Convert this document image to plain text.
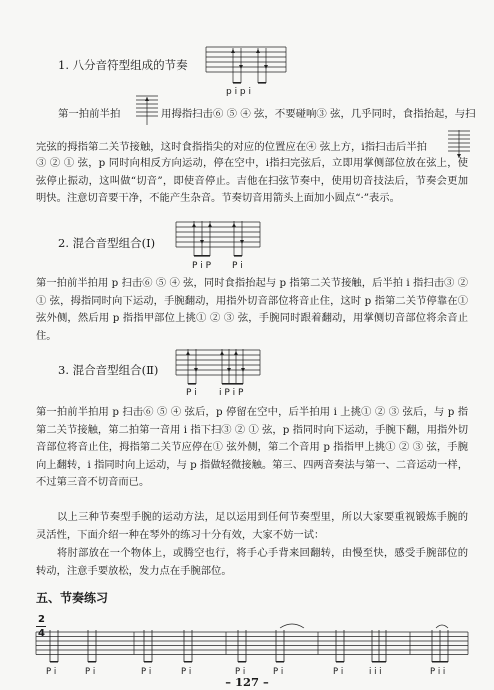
1. 八分音符型组成的节奏
p i p i
第一拍前半拍	用拇指扫击⑥ ⑤ ④ 弦，不要碰响③ 弦，几乎同时，食指抬起，与扫
完弦的拇指第二关节接触，这时食指指尖的对应的位置应在④ 弦上方，i指扫击后半拍
③ ② ① 弦，p 同时向相反方向运动，停在空中，i指扫完弦后，立即用掌侧部位放在弦上，使弦停止振动，这叫做“切音”，即使音停止。吉他在扫弦节奏中，使用切音技法后，节奏会更加明快。注意切音要干净，不能产生杂音。节奏切音用箭头上面加小圆点“·”表示。
2. 混合音型组合(Ⅰ)
P i P P i
第一拍前半拍用 p 扫击⑥ ⑤ ④ 弦，同时食指抬起与 p 指第二关节接触，后半拍 i 指扫击③ ② ① 弦，拇指同时向下运动，手腕翻动，用指外切音部位将音止住，这时 p 指第二关节停靠在① 弦外侧，然后用 p 指指甲部位上挑① ② ③ 弦，手腕同时跟着翻动，用掌侧切音部位将余音止住。
3. 混合音型组合(Ⅱ)
P i i P i P
第一拍前半拍用 p 扫击⑥ ⑤ ④ 弦后，p 停留在空中，后半拍用 i 上挑① ② ③ 弦后，与 p 指第二关节接触，第二拍第一音用 i 指下扫③ ② ① 弦，p 指同时向下运动，手腕下翻，用指外切音部位将音止住，拇指第二关节应停在① 弦外侧，第二个音用 p 指指甲上挑① ② ③ 弦，手腕向上翻转，i 指同时向上运动，与 p 指做轻微接触。第三、四两音奏法与第一、二音运动一样，不过第三音不切音而已。
以上三种节奏型手腕的运动方法，足以运用到任何节奏型里，所以大家要重视锻炼手腕的灵活性，下面介绍一种在琴外的练习十分有效，大家不妨一试：
将肘部放在一个物体上，或腾空也行，将手心手背来回翻转，由慢至快，感受手腕部位的转动，注意手要放松，发力点在手腕部位。
五、节奏练习
2
4
P i	P i	P i	P i	P i	P i	P i	i i i	P i i
– 127 –
